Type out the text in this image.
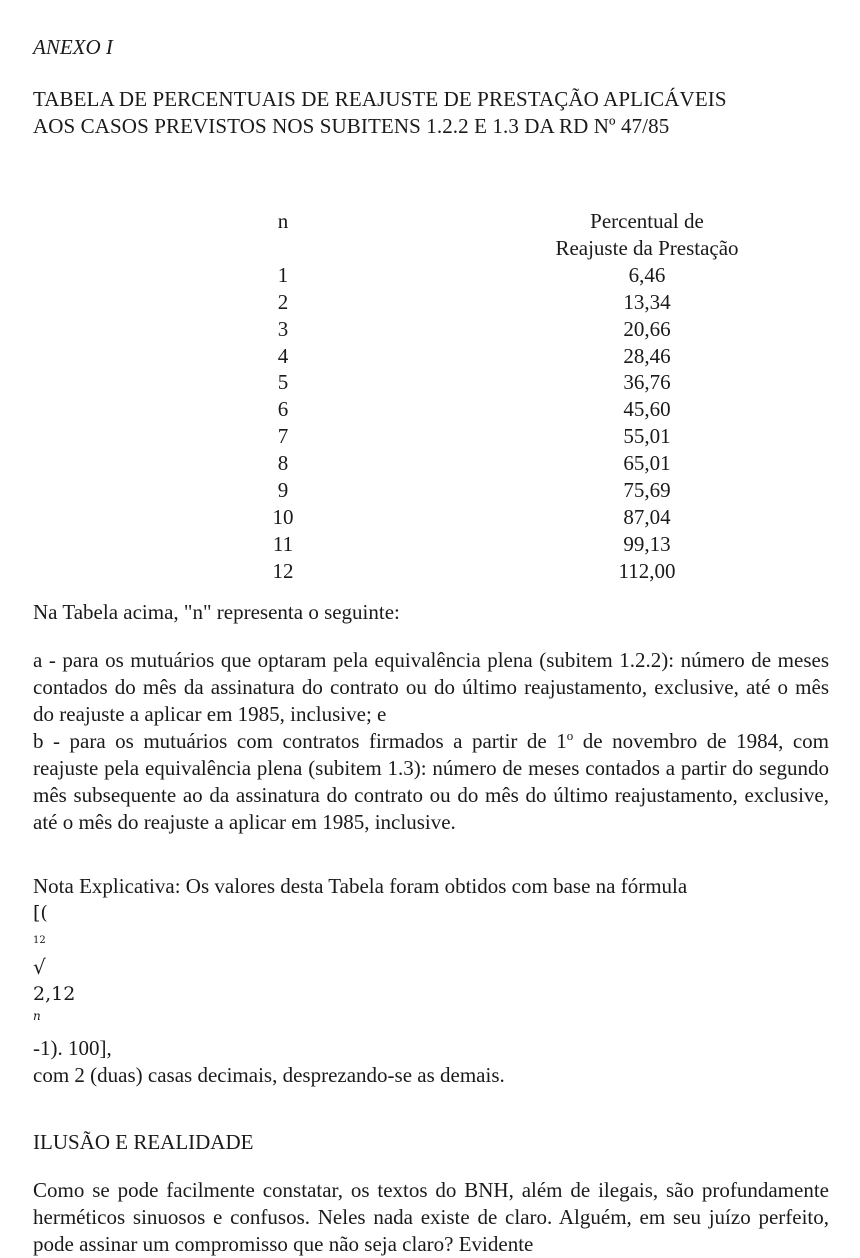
ANEXO I

TABELA DE PERCENTUAIS DE REAJUSTE DE PRESTAÇÃO APLICÁVEIS
AOS CASOS PREVISTOS NOS SUBITENS 1.2.2 E 1.3 DA RD Nº 47/85

n		Percentual de
Reajuste da Prestação

1		6,46
2		13,34
3		20,66
4		28,46
5		36,76
6		45,60
7		55,01
8		65,01
9		75,69
10		87,04
11		99,13
12		112,00

Na Tabela acima, "n" representa o seguinte:

a - para os mutuários que optaram pela equivalência plena (subitem 1.2.2): número de meses contados do mês da assinatura do contrato ou do último reajustamento, exclusive, até o mês do reajuste a aplicar em 1985, inclusive; e

b - para os mutuários com contratos firmados a partir de 1$^o$ de novembro de 1984, com reajuste pela equivalência plena (subitem 1.3): número de meses contados a partir do segundo mês subsequente ao da assinatura do contrato ou do mês do último reajustamento, exclusive, até o mês do reajuste a aplicar em 1985, inclusive.

Nota Explicativa: Os valores desta Tabela foram obtidos com base na fórmula
[(
12
√
2,12
$^n$
-1). 100],
com 2 (duas) casas decimais, desprezando-se as demais.

ILUSÃO E REALIDADE

Como se pode facilmente constatar, os textos do BNH, além de ilegais, são profundamente herméticos sinuosos e confusos. Neles nada existe de claro. Alguém, em seu juízo perfeito, pode assinar um compromisso que não seja claro? Evidente
